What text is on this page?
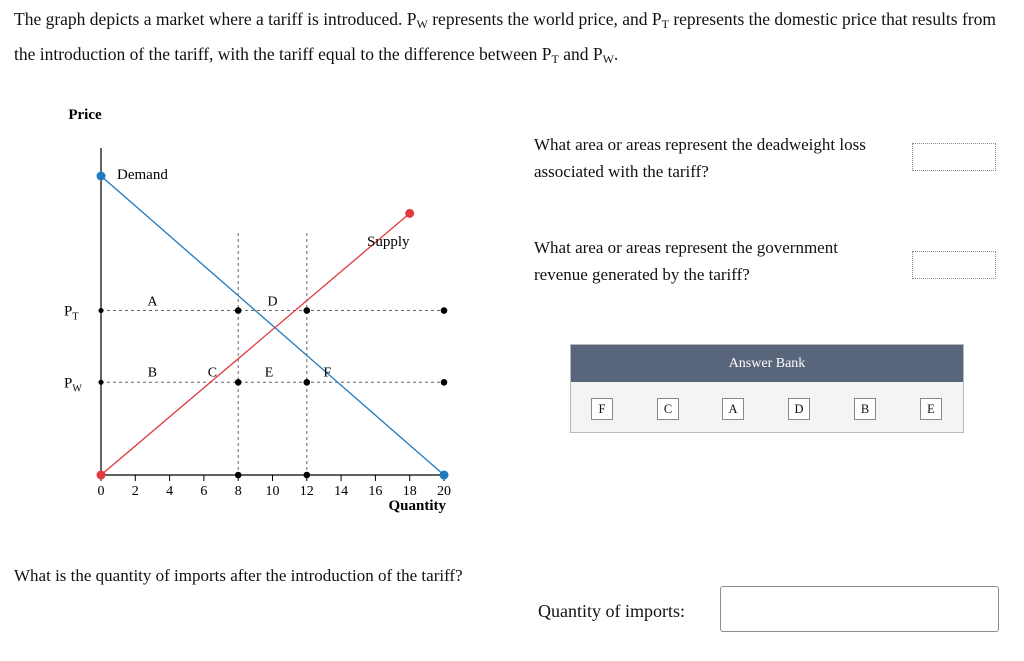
The graph depicts a market where a tariff is introduced. $P_W$ represents the world price, and $P_T$ represents the domestic price that results from the introduction of the tariff, with the tariff equal to the difference between $P_T$ and $P_W$.

Price
0 2 4 6 8 10 12 14 16 18 20
Quantity
$P_T$
$P_W$
Demand
Supply
A	D
B	C	E	F

What area or areas represent the deadweight loss associated with the tariff?

What area or areas represent the government revenue generated by the tariff?

Answer Bank
F	C	A	D	B	E

What is the quantity of imports after the introduction of the tariff?

Quantity of imports:
